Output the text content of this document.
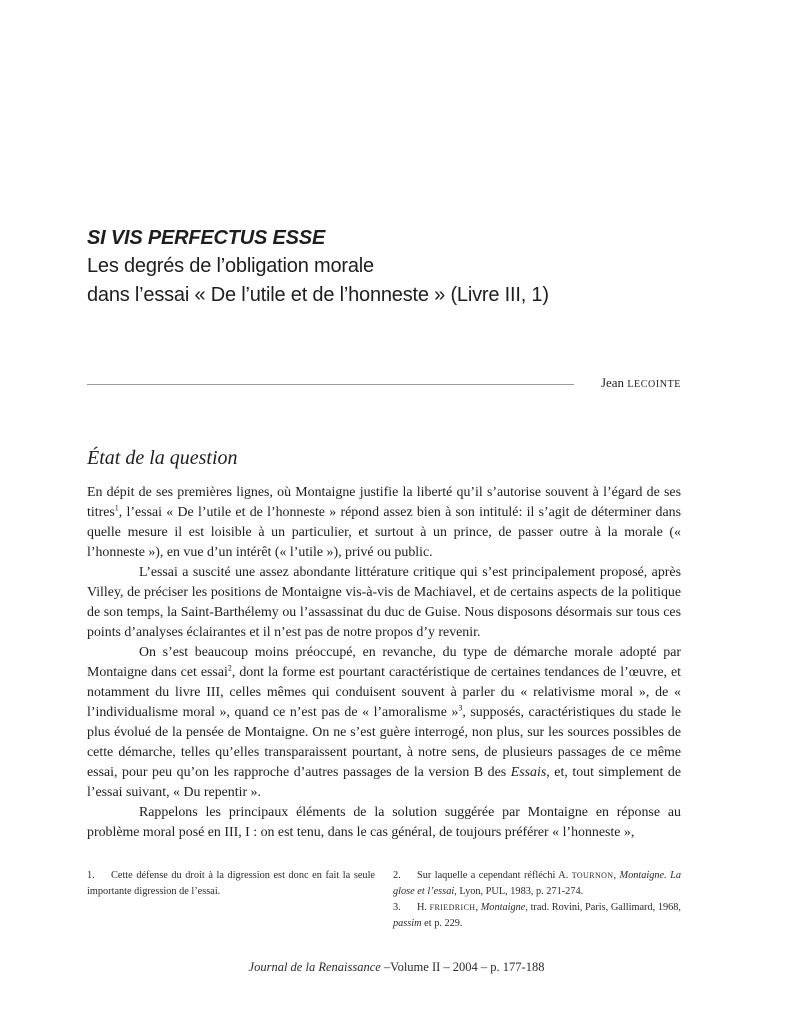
SI VIS PERFECTUS ESSE
Les degrés de l’obligation morale
dans l’essai « De l’utile et de l’honneste » (Livre III, 1)
Jean LECOINTE
État de la question

En dépit de ses premières lignes, où Montaigne justifie la liberté qu’il s’autorise souvent à l’égard de ses titres$^1$, l’essai « De l’utile et de l’honneste » répond assez bien à son intitulé: il s’agit de déterminer dans quelle mesure il est loisible à un particulier, et surtout à un prince, de passer outre à la morale (« l’honneste »), en vue d’un intérêt (« l’utile »), privé ou public.

L’essai a suscité une assez abondante littérature critique qui s’est principalement proposé, après Villey, de préciser les positions de Montaigne vis-à-vis de Machiavel, et de certains aspects de la politique de son temps, la Saint-Barthélemy ou l’assassinat du duc de Guise. Nous disposons désormais sur tous ces points d’analyses éclairantes et il n’est pas de notre propos d’y revenir.

On s’est beaucoup moins préoccupé, en revanche, du type de démarche morale adopté par Montaigne dans cet essai$^2$, dont la forme est pourtant caractéristique de certaines tendances de l’œuvre, et notamment du livre III, celles mêmes qui conduisent souvent à parler du « relativisme moral », de « l’individualisme moral », quand ce n’est pas de « l’amoralisme »$^3$, supposés, caractéristiques du stade le plus évolué de la pensée de Montaigne. On ne s’est guère interrogé, non plus, sur les sources possibles de cette démarche, telles qu’elles transparaissent pourtant, à notre sens, de plusieurs passages de ce même essai, pour peu qu’on les rapproche d’autres passages de la version B des Essais, et, tout simplement de l’essai suivant, « Du repentir ».

Rappelons les principaux éléments de la solution suggérée par Montaigne en réponse au problème moral posé en III, I : on est tenu, dans le cas général, de toujours préférer « l’honneste »,

1. Cette défense du droit à la digression est donc en fait la seule importante digression de l’essai.

2. Sur laquelle a cependant réfléchi A. TOURNON, Montaigne. La glose et l’essai, Lyon, PUL, 1983, p. 271-274.

3. H. FRIEDRICH, Montaigne, trad. Rovini, Paris, Gallimard, 1968, passim et p. 229.

Journal de la Renaissance –Volume II – 2004 – p. 177-188
